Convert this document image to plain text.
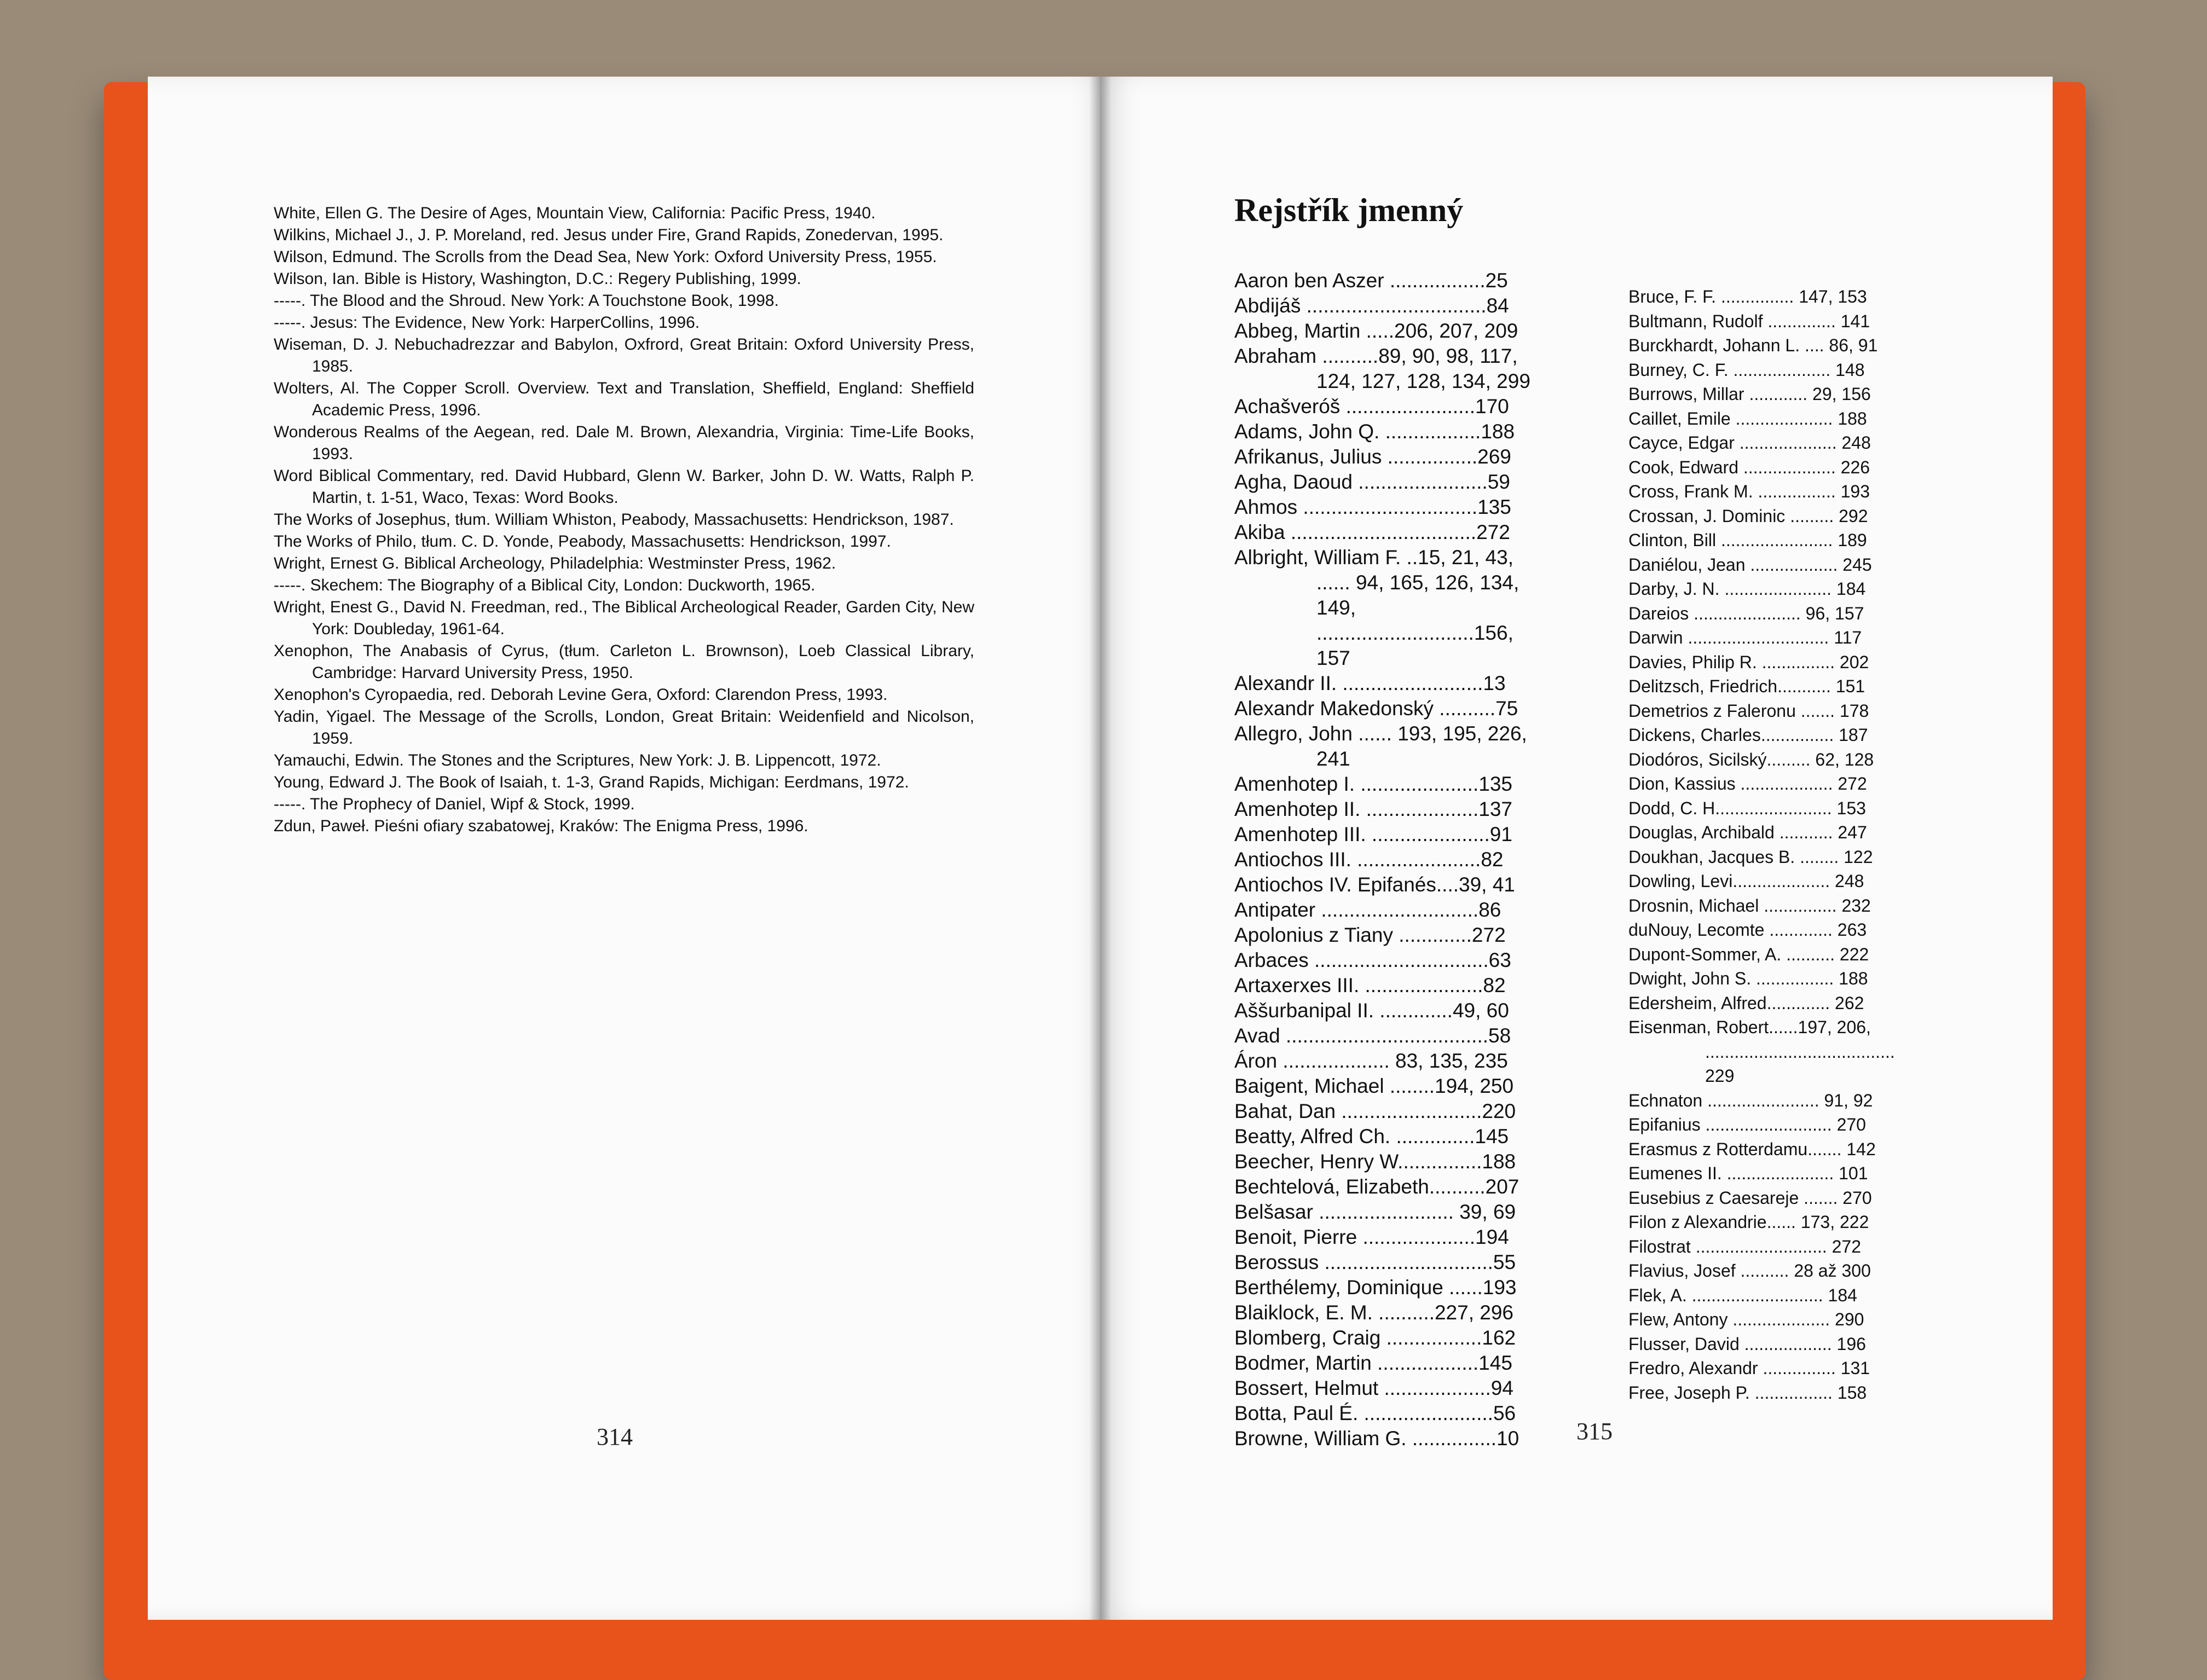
White, Ellen G. The Desire of Ages, Mountain View, California: Pacific Press, 1940.
Wilkins, Michael J., J. P. Moreland, red. Jesus under Fire, Grand Rapids, Zonedervan, 1995.
Wilson, Edmund. The Scrolls from the Dead Sea, New York: Oxford University Press, 1955.
Wilson, Ian. Bible is History, Washington, D.C.: Regery Publishing, 1999.
-----. The Blood and the Shroud. New York: A Touchstone Book, 1998.
-----. Jesus: The Evidence, New York: HarperCollins, 1996.
Wiseman, D. J. Nebuchadrezzar and Babylon, Oxfrord, Great Britain: Oxford University Press, 1985.
Wolters, Al. The Copper Scroll. Overview. Text and Translation, Sheffield, England: Sheffield Academic Press, 1996.
Wonderous Realms of the Aegean, red. Dale M. Brown, Alexandria, Virginia: Time-Life Books, 1993.
Word Biblical Commentary, red. David Hubbard, Glenn W. Barker, John D. W. Watts, Ralph P. Martin, t. 1-51, Waco, Texas: Word Books.
The Works of Josephus, tłum. William Whiston, Peabody, Massachusetts: Hendrickson, 1987.
The Works of Philo, tłum. C. D. Yonde, Peabody, Massachusetts: Hendrickson, 1997.
Wright, Ernest G. Biblical Archeology, Philadelphia: Westminster Press, 1962.
-----. Skechem: The Biography of a Biblical City, London: Duckworth, 1965.
Wright, Enest G., David N. Freedman, red., The Biblical Archeological Reader, Garden City, New York: Doubleday, 1961-64.
Xenophon, The Anabasis of Cyrus, (tłum. Carleton L. Brownson), Loeb Classical Library, Cambridge: Harvard University Press, 1950.
Xenophon's Cyropaedia, red. Deborah Levine Gera, Oxford: Clarendon Press, 1993.
Yadin, Yigael. The Message of the Scrolls, London, Great Britain: Weidenfield and Nicolson, 1959.
Yamauchi, Edwin. The Stones and the Scriptures, New York: J. B. Lippencott, 1972.
Young, Edward J. The Book of Isaiah, t. 1-3, Grand Rapids, Michigan: Eerdmans, 1972.
-----. The Prophecy of Daniel, Wipf & Stock, 1999.
Zdun, Paweł. Pieśni ofiary szabatowej, Kraków: The Enigma Press, 1996.
314
Rejstřík jmenný
Aaron ben Aszer .................25
Abdijáš ................................84
Abbeg, Martin .....206, 207, 209
Abraham ..........89, 90, 98, 117, 124, 127, 128, 134, 299
Achašveróš .......................170
Adams, John Q. .................188
Afrikanus, Julius ................269
Agha, Daoud .......................59
Ahmos ...............................135
Akiba .................................272
Albright, William F. ..15, 21, 43, ...... 94, 165, 126, 134, 149, ............................156, 157
Alexandr II. .........................13
Alexandr Makedonský ..........75
Allegro, John ...... 193, 195, 226, 241
Amenhotep I. .....................135
Amenhotep II. ....................137
Amenhotep III. .....................91
Antiochos III. ......................82
Antiochos IV. Epifanés....39, 41
Antipater ............................86
Apolonius z Tiany .............272
Arbaces ...............................63
Artaxerxes III. .....................82
Aššurbanipal II. .............49, 60
Avad ....................................58
Áron ................... 83, 135, 235
Baigent, Michael ........194, 250
Bahat, Dan .........................220
Beatty, Alfred Ch. ..............145
Beecher, Henry W...............188
Bechtelová, Elizabeth..........207
Belšasar ........................ 39, 69
Benoit, Pierre ....................194
Berossus ..............................55
Berthélemy, Dominique ......193
Blaiklock, E. M. ..........227, 296
Blomberg, Craig .................162
Bodmer, Martin ..................145
Bossert, Helmut ...................94
Botta, Paul É. .......................56
Browne, William G. ...............10
Bruce, F. F. ............... 147, 153
Bultmann, Rudolf .............. 141
Burckhardt, Johann L. .... 86, 91
Burney, C. F. .................... 148
Burrows, Millar ............ 29, 156
Caillet, Emile .................... 188
Cayce, Edgar .................... 248
Cook, Edward ................... 226
Cross, Frank M. ................ 193
Crossan, J. Dominic ......... 292
Clinton, Bill ....................... 189
Daniélou, Jean .................. 245
Darby, J. N. ...................... 184
Dareios ...................... 96, 157
Darwin ............................. 117
Davies, Philip R. ............... 202
Delitzsch, Friedrich........... 151
Demetrios z Faleronu ....... 178
Dickens, Charles............... 187
Diodóros, Sicilský......... 62, 128
Dion, Kassius ................... 272
Dodd, C. H........................ 153
Douglas, Archibald ........... 247
Doukhan, Jacques B. ........ 122
Dowling, Levi.................... 248
Drosnin, Michael ............... 232
duNouy, Lecomte ............. 263
Dupont-Sommer, A. .......... 222
Dwight, John S. ................ 188
Edersheim, Alfred............. 262
Eisenman, Robert......197, 206, ....................................... 229
Echnaton ....................... 91, 92
Epifanius .......................... 270
Erasmus z Rotterdamu....... 142
Eumenes II. ...................... 101
Eusebius z Caesareje ....... 270
Filon z Alexandrie...... 173, 222
Filostrat ........................... 272
Flavius, Josef .......... 28 až 300
Flek, A. ........................... 184
Flew, Antony .................... 290
Flusser, David .................. 196
Fredro, Alexandr ............... 131
Free, Joseph P. ................ 158
315
